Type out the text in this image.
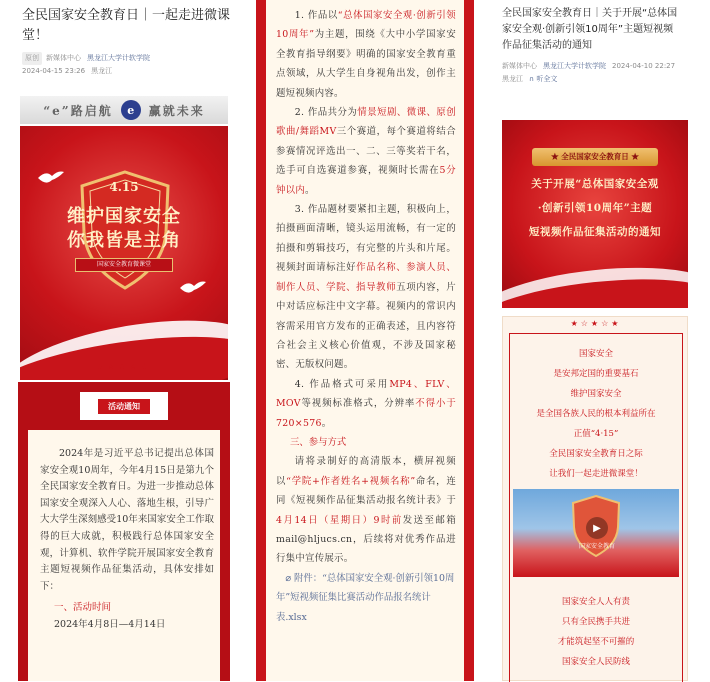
全民国家安全教育日｜一起走进微课堂！
原创 新媒体中心 黑龙江大学计软学院
2024-04-15 23:26 黑龙江
“e”路启航	e	赢就未来
4.15
维护国家安全
你我皆是主角
国家安全教育微课堂
★☆★☆★
活动通知

2024年是习近平总书记提出总体国家安全观10周年，今年4月15日是第九个全民国家安全教育日。为进一步推动总体国家安全观深入人心、落地生根，引导广大大学生深刻感受10年来国家安全工作取得的巨大成就，积极践行总体国家安全观，计算机、软件学院开展国家安全教育主题短视频作品征集活动，具体安排如下：

一、活动时间

2024年4月8日—4月14日

1. 作品以“总体国家安全观·创新引领10周年”为主题，围绕《大中小学国家安全教育指导纲要》明确的国家安全教育重点领域，从大学生自身视角出发，创作主题短视频内容。

2. 作品共分为情景短剧、微课、原创歌曲/舞蹈MV三个赛道，每个赛道将结合参赛情况评选出一、二、三等奖若干名，选手可自选赛道参赛，视频时长需在5分钟以内。

3. 作品题材要紧扣主题，积极向上，拍摄画面清晰，镜头运用流畅，有一定的拍摄和剪辑技巧，有完整的片头和片尾。视频封面请标注好作品名称、参演人员、制作人员、学院、指导教师五项内容，片中对话应标注中文字幕。视频内的常识内容需采用官方发布的正确表述，且内容符合社会主义核心价值观，不涉及国家秘密、无版权问题。

4. 作品格式可采用MP4、FLV、MOV等视频标准格式，分辨率不得小于720×576。

三、参与方式

请将录制好的高清版本，横屏视频以“学院+作者姓名+视频名称”命名，连同《短视频作品征集活动报名统计表》于4月14日（星期日）9时前发送至邮箱mail@hljucs.cn，后续将对优秀作品进行集中宣传展示。

⌀ 附件：“总体国家安全观·创新引领10周年”短视频征集比赛活动作品报名统计表.xlsx

全民国家安全教育日｜关于开展“总体国家安全观·创新引领10周年”主题短视频作品征集活动的通知
新媒体中心 黑龙江大学计软学院 2024-04-10 22:27
黑龙江 ∩ 听全文
★ 全民国家安全教育日 ★
关于开展“总体国家安全观
·创新引领10周年”主题
短视频作品征集活动的通知
★☆★☆★
国家安全
是安邦定国的重要基石
维护国家安全
是全国各族人民的根本利益所在
正值“4·15”
全民国家安全教育日之际
让我们一起走进微课堂！
国家安全教育
▶
国家安全人人有责
只有全民携手共进
才能筑起坚不可摧的
国家安全人民防线
